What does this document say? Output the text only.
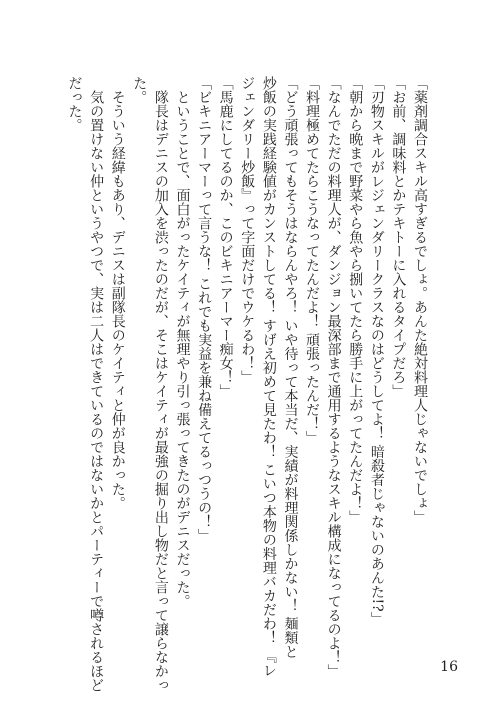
「薬剤調合スキル高すぎるでしょ。あんた絶対料理人じゃないでしょ」
「お前、調味料とかテキトーに入れるタイプだろ」
「刃物スキルがレジェンダリークラスなのはどうしてよ！ 暗殺者じゃないのあんた!?」
「朝から晩まで野菜やら魚やら捌いてたら勝手に上がってたんだよ！」
「なんでただの料理人が、ダンジョン最深部まで通用するようなスキル構成になってるのよ！」
「料理極めてたらこうなってたんだよ！ 頑張ったんだ！」
「どう頑張ってもそうはならんやろ！ いや待って本当だ、実績が料理関係しかない！ 麺類と
炒飯の実践経験値がカンストしてる！ すげえ初めて見たわ！ こいつ本物の料理バカだわ！ 『レ
ジェンダリー炒飯』って字面だけでウケるわ！」
「馬鹿にしてるのか、このビキニアーマー痴女！」
「ビキニアーマーって言うな！ これでも実益を兼ね備えてるっつうの！」
　ということで、面白がったケイティが無理やり引っ張ってきたのがデニスだった。
　隊長はデニスの加入を渋ったのだが、そこはケイティが最強の掘り出し物だと言って譲らなかっ
た。
　そういう経緯もあり、デニスは副隊長のケイティと仲が良かった。
　気の置けない仲というやつで、実は二人はできているのではないかとパーティーで噂されるほど
だった。
16
